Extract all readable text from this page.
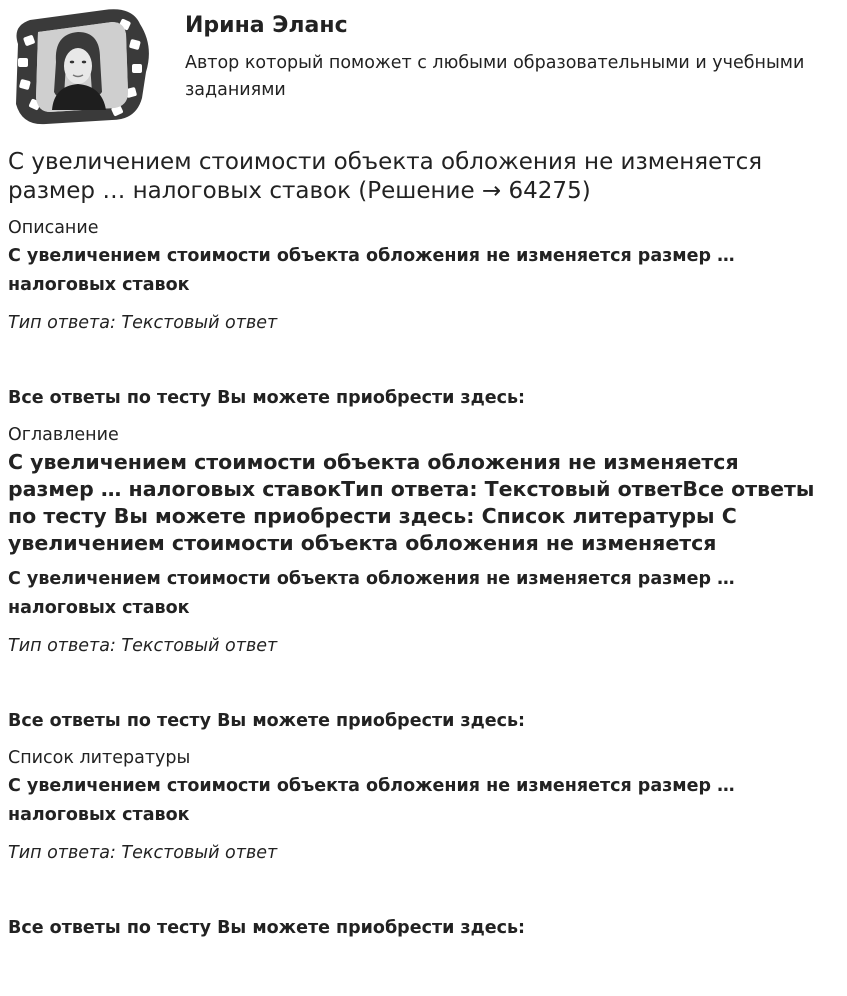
Ирина Эланс
Автор который поможет с любыми образовательными и учебными заданиями
С увеличением стоимости объекта обложения не изменяется размер … налоговых ставок (Решение → 64275)

Описание

С увеличением стоимости объекта обложения не изменяется размер … налоговых ставок

Тип ответа: Текстовый ответ

Все ответы по тесту Вы можете приобрести здесь:

Оглавление

С увеличением стоимости объекта обложения не изменяется размер … налоговых ставокТип ответа: Текстовый ответВсе ответы по тесту Вы можете приобрести здесь: Список литературы С увеличением стоимости объекта обложения не изменяется

С увеличением стоимости объекта обложения не изменяется размер … налоговых ставок

Тип ответа: Текстовый ответ

Все ответы по тесту Вы можете приобрести здесь:

Список литературы

С увеличением стоимости объекта обложения не изменяется размер … налоговых ставок

Тип ответа: Текстовый ответ

Все ответы по тесту Вы можете приобрести здесь:
